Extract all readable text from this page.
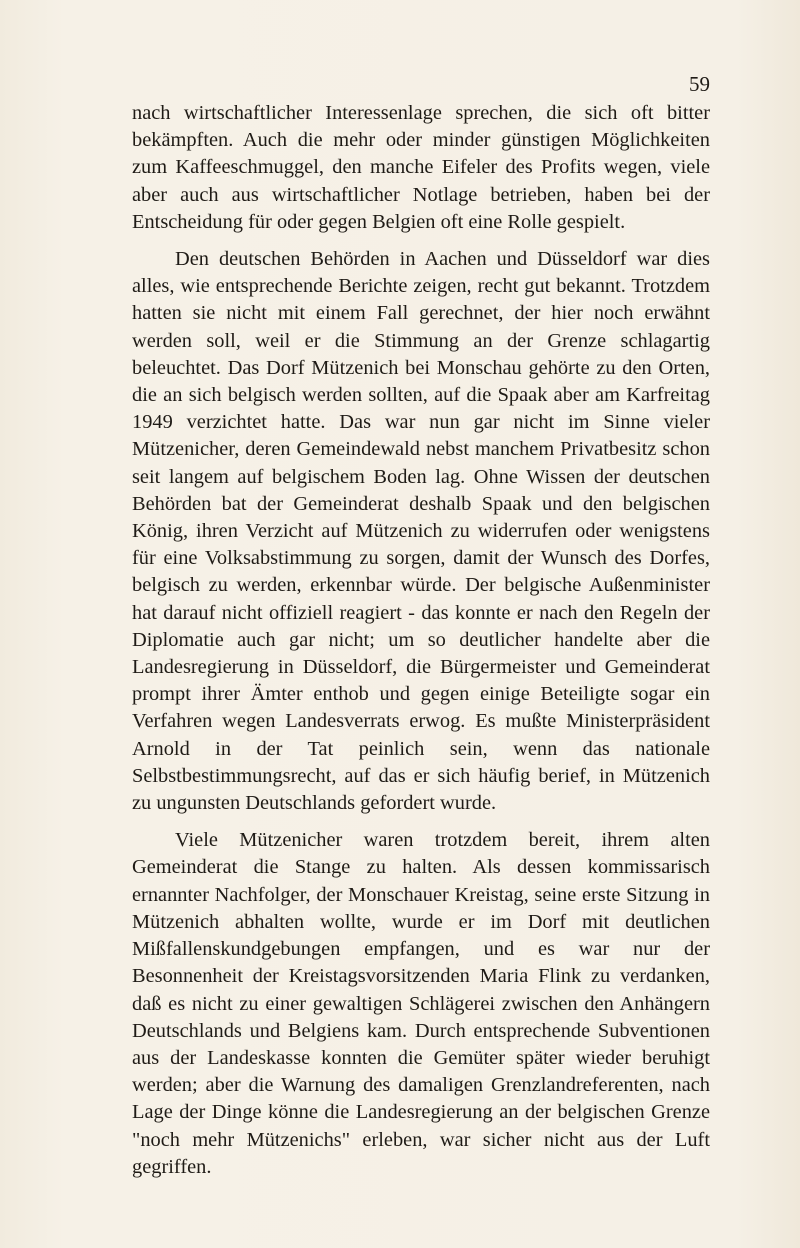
59

nach wirtschaftlicher Interessenlage sprechen, die sich oft bitter bekämpften. Auch die mehr oder minder günstigen Möglichkeiten zum Kaffeeschmuggel, den manche Eifeler des Profits wegen, viele aber auch aus wirtschaftlicher Notlage betrieben, haben bei der Entscheidung für oder gegen Belgien oft eine Rolle gespielt.

Den deutschen Behörden in Aachen und Düsseldorf war dies alles, wie entsprechende Berichte zeigen, recht gut bekannt. Trotzdem hatten sie nicht mit einem Fall gerechnet, der hier noch erwähnt werden soll, weil er die Stimmung an der Grenze schlagartig beleuchtet. Das Dorf Mützenich bei Monschau gehörte zu den Orten, die an sich belgisch werden sollten, auf die Spaak aber am Karfreitag 1949 verzichtet hatte. Das war nun gar nicht im Sinne vieler Mützenicher, deren Gemeindewald nebst manchem Privatbesitz schon seit langem auf belgischem Boden lag. Ohne Wissen der deutschen Behörden bat der Gemeinderat deshalb Spaak und den belgischen König, ihren Verzicht auf Mützenich zu widerrufen oder wenigstens für eine Volksabstimmung zu sorgen, damit der Wunsch des Dorfes, belgisch zu werden, erkennbar würde. Der belgische Außenminister hat darauf nicht offiziell reagiert - das konnte er nach den Regeln der Diplomatie auch gar nicht; um so deutlicher handelte aber die Landesregierung in Düsseldorf, die Bürgermeister und Gemeinderat prompt ihrer Ämter enthob und gegen einige Beteiligte sogar ein Verfahren wegen Landesverrats erwog. Es mußte Ministerpräsident Arnold in der Tat peinlich sein, wenn das nationale Selbstbestimmungsrecht, auf das er sich häufig berief, in Mützenich zu ungunsten Deutschlands gefordert wurde.

Viele Mützenicher waren trotzdem bereit, ihrem alten Gemeinderat die Stange zu halten. Als dessen kommissarisch ernannter Nachfolger, der Monschauer Kreistag, seine erste Sitzung in Mützenich abhalten wollte, wurde er im Dorf mit deutlichen Mißfallenskundgebungen empfangen, und es war nur der Besonnenheit der Kreistagsvorsitzenden Maria Flink zu verdanken, daß es nicht zu einer gewaltigen Schlägerei zwischen den Anhängern Deutschlands und Belgiens kam. Durch entsprechende Subventionen aus der Landeskasse konnten die Gemüter später wieder beruhigt werden; aber die Warnung des damaligen Grenzlandreferenten, nach Lage der Dinge könne die Landesregierung an der belgischen Grenze "noch mehr Mützenichs" erleben, war sicher nicht aus der Luft gegriffen.
